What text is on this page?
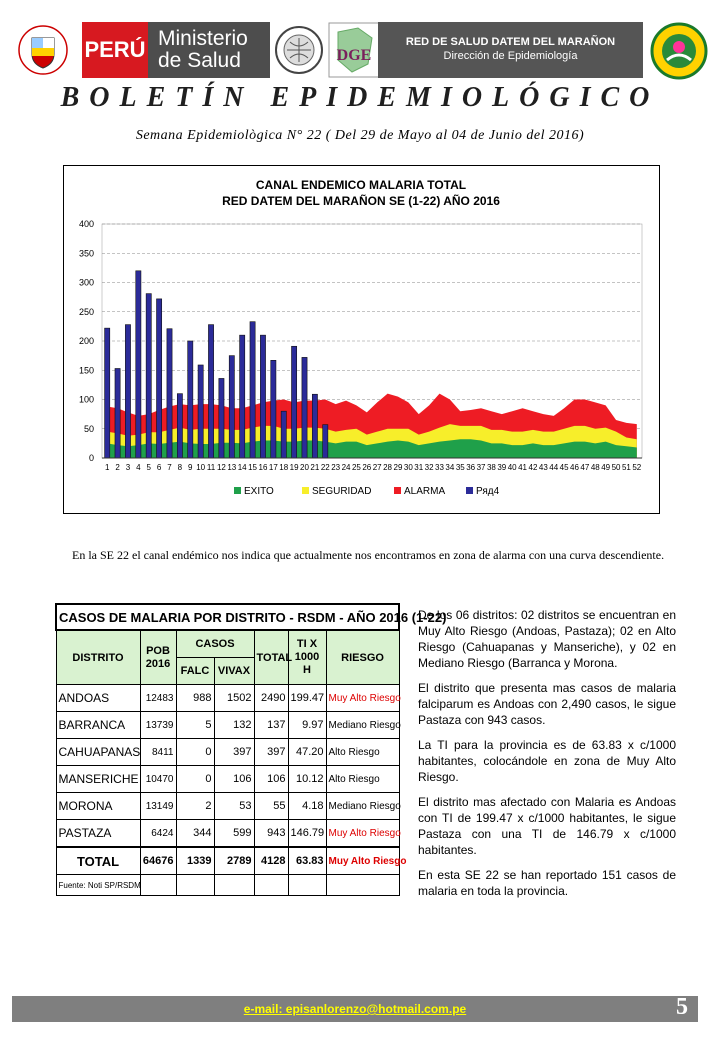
PERÚ Ministerio
de Salud	DGE
RED DE SALUD DATEM DEL MARAÑON
Dirección de Epidemiología
BOLETÍN EPIDEMIOLÓGICO
Semana Epidemiològica N° 22 ( Del 29 de Mayo al 04 de Junio del 2016)
CANAL ENDEMICO MALARIA TOTAL
RED DATEM DEL MARAÑON SE (1-22) AÑO 2016
0
50
100
150
200
250
300
350
400
1 2 3 4 5 6 7 8 9 10 11 12 13 14 15 16 17 18 19 20 21 22 23 24 25 26 27 28 29 30 31 32 33 34 35 36 37 38 39 40 41 42 43 44 45 46 47 48 49 50 51 52
EXITO	SEGURIDAD	ALARMA	Ряд4
En la SE 22 el canal endémico nos indica que actualmente nos encontramos en zona de alarma con una curva descendiente.
CASOS DE MALARIA POR DISTRITO - RSDM - AÑO 2016 (1-22)						
DISTRITO	POB 2016	CASOS		TOTAL	TI X 1000 H	RIESGO
		FALC	VIVAX			
ANDOAS	12483	988	1502	2490	199.47	Muy Alto Riesgo
BARRANCA	13739	5	132	137	9.97	Mediano Riesgo
CAHUAPANAS	8411	0	397	397	47.20	Alto Riesgo
MANSERICHE	10470	0	106	106	10.12	Alto Riesgo
MORONA	13149	2	53	55	4.18	Mediano Riesgo
PASTAZA	6424	344	599	943	146.79	Muy Alto Riesgo
TOTAL	64676	1339	2789	4128	63.83	Muy Alto Riesgo
Fuente: Noti SP/RSDM						

De los 06 distritos: 02 distritos se encuentran en Muy Alto Riesgo (Andoas, Pastaza); 02 en Alto Riesgo (Cahuapanas y Manseriche), y 02 en Mediano Riesgo (Barranca y Morona.

El distrito que presenta mas casos de malaria falciparum es Andoas con 2,490 casos, le sigue Pastaza con 943 casos.

La TI para la provincia es de 63.83 x c/1000 habitantes, colocándole en zona de Muy Alto Riesgo.

El distrito mas afectado con Malaria es Andoas con TI de 199.47 x c/1000 habitantes, le sigue Pastaza con una TI de 146.79 x c/1000 habitantes.

En esta SE 22 se han reportado 151 casos de malaria en toda la provincia.

e-mail: episanlorenzo@hotmail.com.pe	5
